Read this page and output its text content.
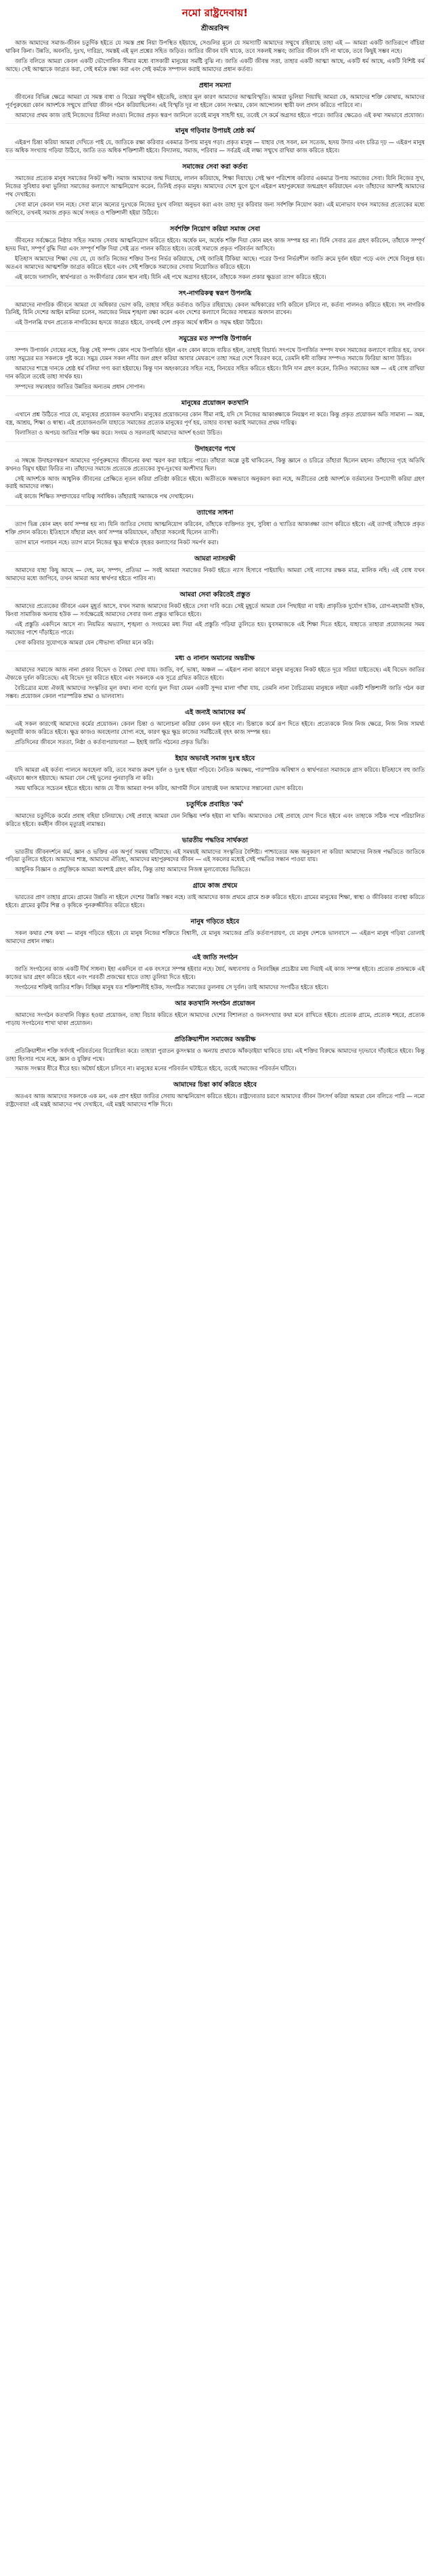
নমো রাষ্ট্রদেবায়!
শ্রীঅরবিন্দ

আজ আমাদের সমাজ-জীবন চতুর্দিক হইতে যে সমস্ত প্রশ্ন নিয়া উপস্থিত হইয়াছে, সেগুলির মূলে যে সমস্যাটি আমাদের সম্মুখে রহিয়াছে তাহা এই — আমরা একটি জাতিরূপে বাঁচিয়া থাকিব কিনা। উন্নতি, অবনতি, দুঃখ, দারিদ্র্য, সমস্তই এই মূল প্রশ্নের সহিত জড়িত। জাতির জীবন যদি থাকে, তবে সকলই সম্ভব; জাতির জীবন যদি না থাকে, তবে কিছুই সম্ভব নহে।

জাতি বলিতে আমরা কেবল একটি ভৌগোলিক সীমার মধ্যে বাসকারী মানুষের সমষ্টি বুঝি না। জাতি একটি জীবন্ত সত্তা, তাহার একটি আত্মা আছে, একটি ধর্ম আছে, একটি বিশিষ্ট কর্ম আছে। সেই আত্মাকে জাগ্রত করা, সেই ধর্মকে রক্ষা করা এবং সেই কর্মকে সম্পাদন করাই আমাদের প্রধান কর্তব্য।

প্রধান সমস্যা

জীবনের বিভিন্ন ক্ষেত্রে আমরা যে সমস্ত বাধা ও বিঘ্নের সম্মুখীন হইতেছি, তাহার মূল কারণ আমাদের আত্মবিস্মৃতি। আমরা ভুলিয়া গিয়াছি আমরা কে, আমাদের শক্তি কোথায়, আমাদের পূর্বপুরুষেরা কোন আদর্শকে সম্মুখে রাখিয়া জীবন গঠন করিয়াছিলেন। এই বিস্মৃতি দূর না হইলে কোন সংস্কার, কোন আন্দোলন স্থায়ী ফল প্রদান করিতে পারিবে না।

আমাদের প্রথম কাজ তাই নিজেদের চিনিয়া লওয়া। নিজের প্রকৃত স্বরূপ জানিলে তবেই মানুষ সাহসী হয়, তবেই সে কর্মে অগ্রসর হইতে পারে। জাতির ক্ষেত্রেও এই কথা সমভাবে প্রযোজ্য।

মানুষ গড়িবার উপায়ই শ্রেষ্ঠ কর্ম

এইরূপ চিন্তা করিয়া আমরা দেখিতে পাই যে, জাতিকে রক্ষা করিবার একমাত্র উপায় মানুষ গড়া। প্রকৃত মানুষ — যাহার দেহ সবল, মন সতেজ, হৃদয় উদার এবং চরিত্র দৃঢ় — এইরূপ মানুষ যত অধিক সংখ্যায় গড়িয়া উঠিবে, জাতি তত অধিক শক্তিশালী হইবে। বিদ্যালয়, সমাজ, পরিবার — সর্বত্রই এই লক্ষ্য সম্মুখে রাখিয়া কাজ করিতে হইবে।

সমাজের সেবা করা কর্তব্য

সমাজের প্রত্যেক মানুষ সমাজের নিকট ঋণী। সমাজ আমাদের জন্ম দিয়াছে, লালন করিয়াছে, শিক্ষা দিয়াছে। সেই ঋণ পরিশোধ করিবার একমাত্র উপায় সমাজের সেবা। যিনি নিজের সুখ, নিজের সুবিধার কথা ভুলিয়া সমাজের কল্যাণে আত্মনিয়োগ করেন, তিনিই প্রকৃত মানুষ। আমাদের দেশে যুগে যুগে এইরূপ মহাপুরুষেরা জন্মগ্রহণ করিয়াছেন এবং তাঁহাদের আদর্শই আমাদের পথ দেখাইবে।

সেবা মানে কেবল দান নহে। সেবা মানে অন্যের দুঃখকে নিজের দুঃখ বলিয়া অনুভব করা এবং তাহা দূর করিবার জন্য সর্বশক্তি নিয়োগ করা। এই মনোভাব যখন সমাজের প্রত্যেকের মধ্যে জাগিবে, তখনই সমাজ প্রকৃত অর্থে সংহত ও শক্তিশালী হইয়া উঠিবে।

সর্বশক্তি নিয়োগ করিয়া সমাজ সেবা

জীবনের সর্বক্ষেত্রে নিষ্ঠার সহিত সমাজ সেবায় আত্মনিয়োগ করিতে হইবে। অর্ধেক মন, অর্ধেক শক্তি দিয়া কোন মহৎ কাজ সম্পন্ন হয় না। যিনি সেবার ব্রত গ্রহণ করিবেন, তাঁহাকে সম্পূর্ণ হৃদয় দিয়া, সম্পূর্ণ বুদ্ধি দিয়া এবং সম্পূর্ণ শক্তি দিয়া সেই ব্রত পালন করিতে হইবে। তবেই সমাজে প্রকৃত পরিবর্তন আসিবে।

ইতিহাস আমাদের শিক্ষা দেয় যে, যে জাতি নিজের শক্তির উপর নির্ভর করিয়াছে, সেই জাতিই টিকিয়া আছে। পরের উপর নির্ভরশীল জাতি ক্রমে দুর্বল হইয়া পড়ে এবং শেষে বিলুপ্ত হয়। অতএব আমাদের আত্মশক্তি জাগ্রত করিতে হইবে এবং সেই শক্তিকে সমাজের সেবায় নিয়োজিত করিতে হইবে।

এই কাজে দলাদলি, স্বার্থপরতা ও সংকীর্ণতার কোন স্থান নাই। যিনি এই পথে অগ্রসর হইবেন, তাঁহাকে সকল প্রকার ক্ষুদ্রতা ত্যাগ করিতে হইবে।

সৎ-নাগরিকত্ব স্বরূপ উপলব্ধি

আমাদের নাগরিক জীবনে আমরা যে অধিকার ভোগ করি, তাহার সহিত কর্তব্যও জড়িত রহিয়াছে। কেবল অধিকারের দাবি করিলে চলিবে না, কর্তব্য পালনও করিতে হইবে। সৎ নাগরিক তিনিই, যিনি দেশের আইন মানিয়া চলেন, সমাজের নিয়ম শৃঙ্খলা রক্ষা করেন এবং দেশের কল্যাণে নিজের সাধ্যমত অবদান রাখেন।

এই উপলব্ধি যখন প্রত্যেক নাগরিকের হৃদয়ে জাগ্রত হইবে, তখনই দেশ প্রকৃত অর্থে স্বাধীন ও সমৃদ্ধ হইয়া উঠিবে।

সমুদ্রের মত সম্পত্তি উপার্জন

সম্পদ উপার্জন দোষের নহে, কিন্তু সেই সম্পদ কোন পথে উপার্জিত হইল এবং কোন কাজে ব্যয়িত হইল, তাহাই বিচার্য। সৎপথে উপার্জিত সম্পদ যখন সমাজের কল্যাণে ব্যয়িত হয়, তখন তাহা সমুদ্রের মত সকলকে পুষ্ট করে। সমুদ্র যেমন সকল নদীর জল গ্রহণ করিয়া আবার মেঘরূপে তাহা সমগ্র দেশে বিতরণ করে, তেমনি ধনী ব্যক্তির সম্পদও সমাজে ফিরিয়া আসা উচিত।

আমাদের শাস্ত্রে দানকে শ্রেষ্ঠ ধর্ম বলিয়া গণ্য করা হইয়াছে। কিন্তু দান অহংকারের সহিত নহে, বিনয়ের সহিত করিতে হইবে। যিনি দান গ্রহণ করেন, তিনিও সমাজের অঙ্গ — এই বোধ রাখিয়া দান করিলে তবেই তাহা সার্থক হয়।

সম্পদের সদ্ব্যবহার জাতির উন্নতির অন্যতম প্রধান সোপান।

মানুষের প্রয়োজন কতখানি

এখানে প্রশ্ন উঠিতে পারে যে, মানুষের প্রয়োজন কতখানি। মানুষের প্রয়োজনের কোন সীমা নাই, যদি সে নিজের আকাঙ্ক্ষাকে নিয়ন্ত্রণ না করে। কিন্তু প্রকৃত প্রয়োজন অতি সামান্য — অন্ন, বস্ত্র, আশ্রয়, শিক্ষা ও স্বাস্থ্য। এই প্রয়োজনগুলি যাহাতে সমাজের প্রত্যেক মানুষের পূর্ণ হয়, তাহার ব্যবস্থা করাই সমাজের প্রথম দায়িত্ব।

বিলাসিতা ও অপচয় জাতির শক্তি ক্ষয় করে। সংযম ও সরলতাই আমাদের আদর্শ হওয়া উচিত।

উদাহরণের পথে

এ সম্বন্ধে উদাহরণস্বরূপ আমাদের পূর্বপুরুষদের জীবনের কথা স্মরণ করা যাইতে পারে। তাঁহারা অল্পে তুষ্ট থাকিতেন, কিন্তু জ্ঞানে ও চরিত্রে তাঁহারা ছিলেন মহান। তাঁহাদের গৃহে অতিথি কখনও বিমুখ হইয়া ফিরিত না। তাঁহাদের সমাজে প্রত্যেকে প্রত্যেকের সুখ-দুঃখের অংশীদার ছিল।

সেই আদর্শকে আজ আধুনিক জীবনের প্রেক্ষিতে নূতন করিয়া প্রতিষ্ঠা করিতে হইবে। অতীতকে অন্ধভাবে অনুকরণ করা নহে, অতীতের শ্রেষ্ঠ আদর্শকে বর্তমানের উপযোগী করিয়া গ্রহণ করাই আমাদের লক্ষ্য।

এই কাজে শিক্ষিত সম্প্রদায়ের দায়িত্ব সর্বাধিক। তাঁহারাই সমাজকে পথ দেখাইবেন।

ত্যাগের সাধনা

ত্যাগ ভিন্ন কোন মহৎ কার্য সম্পন্ন হয় না। যিনি জাতির সেবায় আত্মনিয়োগ করিবেন, তাঁহাকে ব্যক্তিগত সুখ, সুবিধা ও খ্যাতির আকাঙ্ক্ষা ত্যাগ করিতে হইবে। এই ত্যাগই তাঁহাকে প্রকৃত শক্তি প্রদান করিবে। ইতিহাসে যাঁহারা মহৎ কার্য সম্পন্ন করিয়াছেন, তাঁহারা সকলেই ছিলেন ত্যাগী।

ত্যাগ মানে পলায়ন নহে। ত্যাগ মানে নিজের ক্ষুদ্র স্বার্থকে বৃহত্তর কল্যাণের নিকট সমর্পণ করা।

আমরা ন্যাসরক্ষী

আমাদের যাহা কিছু আছে — দেহ, মন, সম্পদ, প্রতিভা — সবই আমরা সমাজের নিকট হইতে ন্যাস হিসাবে পাইয়াছি। আমরা সেই ন্যাসের রক্ষক মাত্র, মালিক নহি। এই বোধ যখন আমাদের মধ্যে জাগিবে, তখন আমরা আর স্বার্থপর হইতে পারিব না।

আমরা সেবা করিতেই প্রস্তুত

আমাদের প্রত্যেকের জীবনে এমন মুহূর্ত আসে, যখন সমাজ আমাদের নিকট হইতে সেবা দাবি করে। সেই মুহূর্তে আমরা যেন পিছাইয়া না যাই। প্রাকৃতিক দুর্যোগ হউক, রোগ-মহামারী হউক, কিংবা সামাজিক অন্যায় হউক — সর্বক্ষেত্রেই আমাদের সেবার জন্য প্রস্তুত থাকিতে হইবে।

এই প্রস্তুতি একদিনে আসে না। নিয়মিত অভ্যাস, শৃঙ্খলা ও সংযমের মধ্য দিয়া এই প্রস্তুতি গড়িয়া তুলিতে হয়। যুবসমাজকে এই শিক্ষা দিতে হইবে, যাহাতে তাহারা প্রয়োজনের সময় সমাজের পাশে দাঁড়াইতে পারে।

সেবা করিবার সুযোগকে আমরা যেন সৌভাগ্য বলিয়া মনে করি।

মধ্য ও নানান অমানের অন্তরীক্ষ

আমাদের সমাজে আজ নানা প্রকার বিভেদ ও বৈষম্য দেখা যায়। জাতি, বর্ণ, ভাষা, অঞ্চল — এইরূপ নানা কারণে মানুষ মানুষের নিকট হইতে দূরে সরিয়া যাইতেছে। এই বিভেদ জাতির ঐক্যকে দুর্বল করিতেছে। এই বিভেদ দূর করিতে হইবে এবং সকলকে এক সূত্রে গ্রথিত করিতে হইবে।

বৈচিত্র্যের মধ্যে ঐক্যই আমাদের সংস্কৃতির মূল কথা। নানা বর্ণের ফুল দিয়া যেমন একটি সুন্দর মালা গাঁথা যায়, তেমনি নানা বৈচিত্র্যময় মানুষকে লইয়া একটি শক্তিশালী জাতি গঠন করা সম্ভব। প্রয়োজন কেবল পারস্পরিক শ্রদ্ধা ও ভালবাসা।

এই জন্যই আমাদের কর্ম

এই সকল কারণেই আমাদের কর্মের প্রয়োজন। কেবল চিন্তা ও আলোচনা করিয়া কোন ফল হইবে না। চিন্তাকে কর্মে রূপ দিতে হইবে। প্রত্যেককে নিজ নিজ ক্ষেত্রে, নিজ নিজ সামর্থ্য অনুযায়ী কাজ করিতে হইবে। ক্ষুদ্র কাজও অবহেলার যোগ্য নহে, কারণ ক্ষুদ্র ক্ষুদ্র কাজের সমষ্টিতেই বৃহৎ কাজ সম্পন্ন হয়।

প্রতিদিনের জীবনে সততা, নিষ্ঠা ও কর্তব্যপরায়ণতা — ইহাই জাতি গঠনের প্রকৃত ভিত্তি।

ইহার অভাবই সমাজ দুঃস্থ হইবে

যদি আমরা এই কর্তব্য পালনে অবহেলা করি, তবে সমাজ ক্রমশ দুর্বল ও দুঃস্থ হইয়া পড়িবে। নৈতিক অবক্ষয়, পারস্পরিক অবিশ্বাস ও স্বার্থপরতা সমাজকে গ্রাস করিবে। ইতিহাসে বহু জাতি এইভাবে ধ্বংস হইয়াছে। আমরা যেন সেই ভুলের পুনরাবৃত্তি না করি।

সময় থাকিতে সচেতন হইতে হইবে। আজ যে বীজ আমরা বপন করিব, আগামী দিনে তাহারই ফল আমাদের সন্তানেরা ভোগ করিবে।

চতুর্দিকে প্রবাহিত 'কর্ম'

আমাদের চতুর্দিকে কর্মের প্রবাহ বহিয়া চলিয়াছে। সেই প্রবাহে আমরা যেন নিষ্ক্রিয় দর্শক হইয়া না থাকি। আমাদেরও সেই প্রবাহে যোগ দিতে হইবে এবং তাহাকে সঠিক পথে পরিচালিত করিতে হইবে। কর্মহীন জীবন মৃত্যুরই নামান্তর।

ভারতীয় পদ্ধতির সার্থকতা

ভারতীয় জীবনদর্শনে কর্ম, জ্ঞান ও ভক্তির এক অপূর্ব সমন্বয় ঘটিয়াছে। এই সমন্বয়ই আমাদের সংস্কৃতির বৈশিষ্ট্য। পাশ্চাত্যের অন্ধ অনুকরণ না করিয়া আমাদের নিজস্ব পদ্ধতিতে জাতিকে গড়িয়া তুলিতে হইবে। আমাদের শাস্ত্র, আমাদের ঐতিহ্য, আমাদের মহাপুরুষদের জীবন — এই সকলের মধ্যেই সেই পদ্ধতির সন্ধান পাওয়া যায়।

আধুনিক বিজ্ঞান ও প্রযুক্তিকে আমরা অবশ্যই গ্রহণ করিব, কিন্তু তাহা আমাদের নিজস্ব মূল্যবোধের ভিত্তিতে।

গ্রামে কাজ প্রথমে

ভারতের প্রাণ তাহার গ্রামে। গ্রামের উন্নতি না হইলে দেশের উন্নতি সম্ভব নহে। তাই আমাদের কাজ প্রথমে গ্রামে শুরু করিতে হইবে। গ্রামের মানুষের শিক্ষা, স্বাস্থ্য ও জীবিকার ব্যবস্থা করিতে হইবে। গ্রামের কুটির শিল্প ও কৃষিকে পুনরুজ্জীবিত করিতে হইবে।

নানুষ গড়িতে হইবে

সকল কথার শেষ কথা — মানুষ গড়িতে হইবে। যে মানুষ নিজের শক্তিতে বিশ্বাসী, যে মানুষ সমাজের প্রতি কর্তব্যপরায়ণ, যে মানুষ দেশকে ভালবাসে — এইরূপ মানুষ গড়িয়া তোলাই আমাদের প্রধান লক্ষ্য।

এই জাতি সংগঠন

জাতি সংগঠনের কাজ একটি দীর্ঘ সাধনা। ইহা একদিনে বা এক বৎসরে সম্পন্ন হইবার নহে। ধৈর্য, অধ্যবসায় ও নিরবচ্ছিন্ন প্রচেষ্টার মধ্য দিয়াই এই কাজ সম্পন্ন হইবে। প্রত্যেক প্রজন্মকে এই কাজের ভার গ্রহণ করিতে হইবে এবং পরবর্তী প্রজন্মের হাতে তাহা তুলিয়া দিতে হইবে।

সংগঠনের শক্তিই জাতির শক্তি। বিচ্ছিন্ন মানুষ যত শক্তিশালীই হউক, সংগঠিত সমাজের তুলনায় সে দুর্বল। তাই আমাদের সংগঠিত হইতে হইবে।

আর কতখানি সংগঠন প্রয়োজন

আমাদের সংগঠন কতখানি বিস্তৃত হওয়া প্রয়োজন, তাহা বিচার করিতে হইলে আমাদের দেশের বিশালতা ও জনসংখ্যার কথা মনে রাখিতে হইবে। প্রত্যেক গ্রামে, প্রত্যেক শহরে, প্রত্যেক পাড়ায় সংগঠনের শাখা থাকা প্রয়োজন।

প্রতিক্রিয়াশীল সমাজের অন্তরীক্ষ

প্রতিক্রিয়াশীল শক্তি সর্বদাই পরিবর্তনের বিরোধিতা করে। তাহারা পুরাতন কুসংস্কার ও অন্যায় প্রথাকে আঁকড়াইয়া থাকিতে চায়। এই শক্তির বিরুদ্ধে আমাদের দৃঢ়ভাবে দাঁড়াইতে হইবে। কিন্তু তাহা হিংসার পথে নহে, জ্ঞান ও যুক্তির পথে।

সমাজ সংস্কার ধীরে ধীরে হয়। অধৈর্য হইলে চলিবে না। মানুষের মনের পরিবর্তন ঘটাইতে হইবে, তবেই সমাজের পরিবর্তন ঘটিবে।

আমাদের চিন্তা কার্য করিতে হইবে

অতএব আজ আমাদের সকলকে এক মন, এক প্রাণ হইয়া জাতির সেবায় আত্মনিয়োগ করিতে হইবে। রাষ্ট্রদেবতার চরণে আমাদের জীবন উৎসর্গ করিয়া আমরা যেন বলিতে পারি — নমো রাষ্ট্রদেবায়! এই মন্ত্রই আমাদের পথ দেখাইবে, এই মন্ত্রই আমাদের শক্তি দিবে।
